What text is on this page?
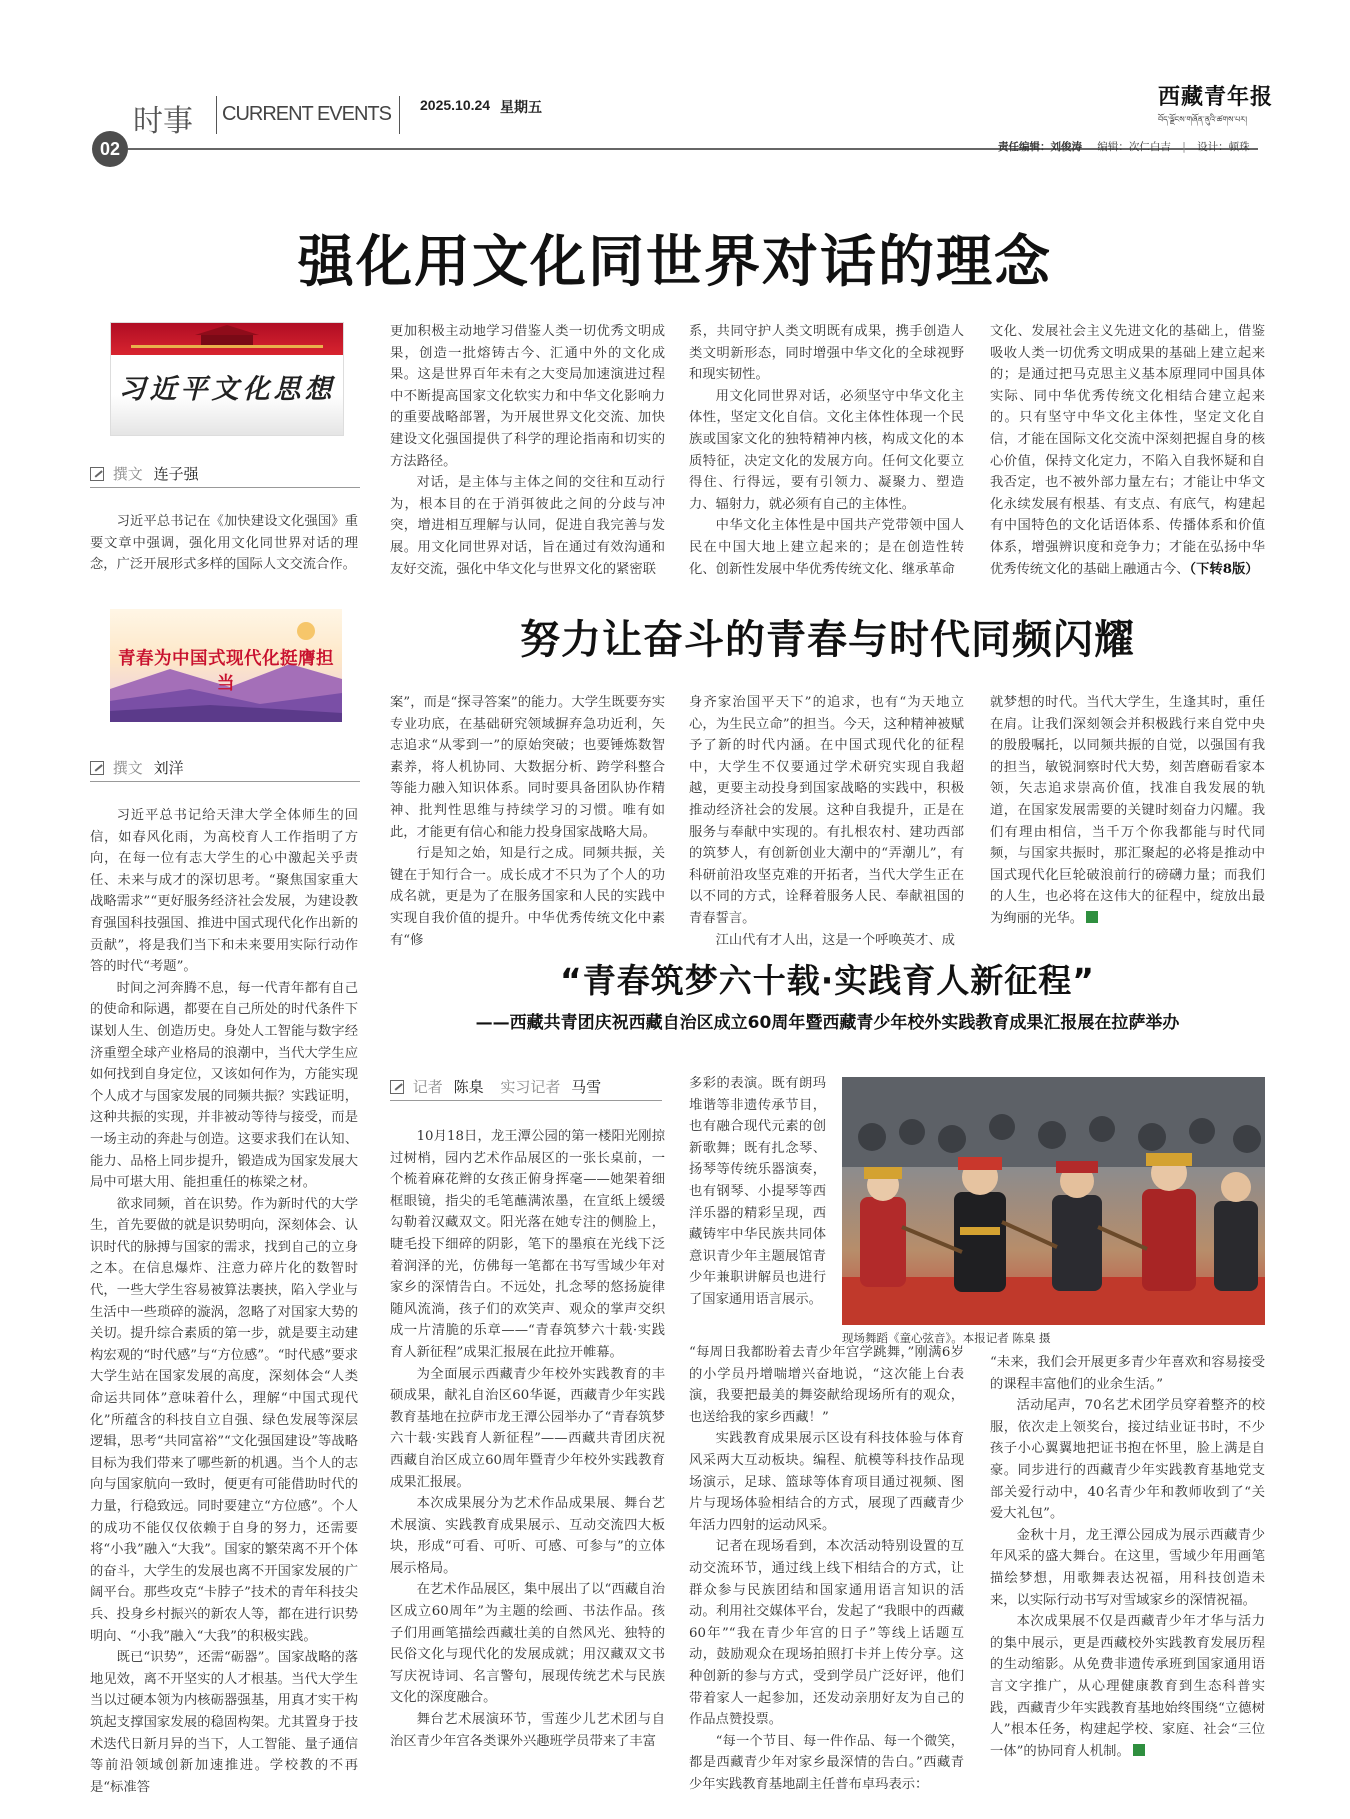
时事 CURRENT EVENTS 2025.10.24 星期五
02
西藏青年报
བོད་ལྗོངས་གཞོན་ནུའི་ཚགས་པར།
责任编辑：刘俊涛 编辑：次仁白吉 | 设计：顿珠
强化用文化同世界对话的理念
习近平文化思想
撰文 连子强

习近平总书记在《加快建设文化强国》重要文章中强调，强化用文化同世界对话的理念，广泛开展形式多样的国际人文交流合作。

更加积极主动地学习借鉴人类一切优秀文明成果，创造一批熔铸古今、汇通中外的文化成果。这是世界百年未有之大变局加速演进过程中不断提高国家文化软实力和中华文化影响力的重要战略部署，为开展世界文化交流、加快建设文化强国提供了科学的理论指南和切实的方法路径。

对话，是主体与主体之间的交往和互动行为，根本目的在于消弭彼此之间的分歧与冲突，增进相互理解与认同，促进自我完善与发展。用文化同世界对话，旨在通过有效沟通和友好交流，强化中华文化与世界文化的紧密联

系，共同守护人类文明既有成果，携手创造人类文明新形态，同时增强中华文化的全球视野和现实韧性。

用文化同世界对话，必须坚守中华文化主体性，坚定文化自信。文化主体性体现一个民族或国家文化的独特精神内核，构成文化的本质特征，决定文化的发展方向。任何文化要立得住、行得远，要有引领力、凝聚力、塑造力、辐射力，就必须有自己的主体性。

中华文化主体性是中国共产党带领中国人民在中国大地上建立起来的；是在创造性转化、创新性发展中华优秀传统文化、继承革命

文化、发展社会主义先进文化的基础上，借鉴吸收人类一切优秀文明成果的基础上建立起来的；是通过把马克思主义基本原理同中国具体实际、同中华优秀传统文化相结合建立起来的。只有坚守中华文化主体性，坚定文化自信，才能在国际文化交流中深刻把握自身的核心价值，保持文化定力，不陷入自我怀疑和自我否定，也不被外部力量左右；才能让中华文化永续发展有根基、有支点、有底气，构建起有中国特色的文化话语体系、传播体系和价值体系，增强辨识度和竞争力；才能在弘扬中华优秀传统文化的基础上融通古今、（下转8版）

努力让奋斗的青春与时代同频闪耀
青春为中国式现代化挺膺担当
撰文 刘洋

习近平总书记给天津大学全体师生的回信，如春风化雨，为高校育人工作指明了方向，在每一位有志大学生的心中激起关乎责任、未来与成才的深切思考。“聚焦国家重大战略需求”“更好服务经济社会发展，为建设教育强国科技强国、推进中国式现代化作出新的贡献”，将是我们当下和未来要用实际行动作答的时代“考题”。

时间之河奔腾不息，每一代青年都有自己的使命和际遇，都要在自己所处的时代条件下谋划人生、创造历史。身处人工智能与数字经济重塑全球产业格局的浪潮中，当代大学生应如何找到自身定位，又该如何作为，方能实现个人成才与国家发展的同频共振？实践证明，这种共振的实现，并非被动等待与接受，而是一场主动的奔赴与创造。这要求我们在认知、能力、品格上同步提升，锻造成为国家发展大局中可堪大用、能担重任的栋梁之材。

欲求同频，首在识势。作为新时代的大学生，首先要做的就是识势明向，深刻体会、认识时代的脉搏与国家的需求，找到自己的立身之本。在信息爆炸、注意力碎片化的数智时代，一些大学生容易被算法裹挟，陷入学业与生活中一些琐碎的漩涡，忽略了对国家大势的关切。提升综合素质的第一步，就是要主动建构宏观的“时代感”与“方位感”。“时代感”要求大学生站在国家发展的高度，深刻体会“人类命运共同体”意味着什么，理解“中国式现代化”所蕴含的科技自立自强、绿色发展等深层逻辑，思考“共同富裕”“文化强国建设”等战略目标为我们带来了哪些新的机遇。当个人的志向与国家航向一致时，便更有可能借助时代的力量，行稳致远。同时要建立“方位感”。个人的成功不能仅仅依赖于自身的努力，还需要将“小我”融入“大我”。国家的繁荣离不开个体的奋斗，大学生的发展也离不开国家发展的广阔平台。那些攻克“卡脖子”技术的青年科技尖兵、投身乡村振兴的新农人等，都在进行识势明向、“小我”融入“大我”的积极实践。

既已“识势”，还需“砺器”。国家战略的落地见效，离不开坚实的人才根基。当代大学生当以过硬本领为内核砺器强基，用真才实干构筑起支撑国家发展的稳固构架。尤其置身于技术迭代日新月异的当下，人工智能、量子通信等前沿领域创新加速推进。学校教的不再是“标准答

案”，而是“探寻答案”的能力。大学生既要夯实专业功底，在基础研究领域摒弃急功近利，矢志追求“从零到一”的原始突破；也要锤炼数智素养，将人机协同、大数据分析、跨学科整合等能力融入知识体系。同时要具备团队协作精神、批判性思维与持续学习的习惯。唯有如此，才能更有信心和能力投身国家战略大局。

行是知之始，知是行之成。同频共振，关键在于知行合一。成长成才不只为了个人的功成名就，更是为了在服务国家和人民的实践中实现自我价值的提升。中华优秀传统文化中素有“修

身齐家治国平天下”的追求，也有“为天地立心，为生民立命”的担当。今天，这种精神被赋予了新的时代内涵。在中国式现代化的征程中，大学生不仅要通过学术研究实现自我超越，更要主动投身到国家战略的实践中，积极推动经济社会的发展。这种自我提升，正是在服务与奉献中实现的。有扎根农村、建功西部的筑梦人，有创新创业大潮中的“弄潮儿”，有科研前沿攻坚克难的开拓者，当代大学生正在以不同的方式，诠释着服务人民、奉献祖国的青春誓言。

江山代有才人出，这是一个呼唤英才、成

就梦想的时代。当代大学生，生逢其时，重任在肩。让我们深刻领会并积极践行来自党中央的殷殷嘱托，以同频共振的自觉，以强国有我的担当，敏锐洞察时代大势，刻苦磨砺看家本领，矢志追求崇高价值，找准自我发展的轨道，在国家发展需要的关键时刻奋力闪耀。我们有理由相信，当千万个你我都能与时代同频，与国家共振时，那汇聚起的必将是推动中国式现代化巨轮破浪前行的磅礴力量；而我们的人生，也必将在这伟大的征程中，绽放出最为绚丽的光华。

“青春筑梦六十载·实践育人新征程”
——西藏共青团庆祝西藏自治区成立60周年暨西藏青少年校外实践教育成果汇报展在拉萨举办
记者 陈臬 实习记者 马雪

10月18日，龙王潭公园的第一楼阳光刚掠过树梢，园内艺术作品展区的一张长桌前，一个梳着麻花辫的女孩正俯身挥毫——她架着细框眼镜，指尖的毛笔蘸满浓墨，在宣纸上缓缓勾勒着汉藏双文。阳光落在她专注的侧脸上，睫毛投下细碎的阴影，笔下的墨痕在光线下泛着润泽的光，仿佛每一笔都在书写雪域少年对家乡的深情告白。不远处，扎念琴的悠扬旋律随风流淌，孩子们的欢笑声、观众的掌声交织成一片清脆的乐章——“青春筑梦六十载·实践育人新征程”成果汇报展在此拉开帷幕。

为全面展示西藏青少年校外实践教育的丰硕成果，献礼自治区60华诞，西藏青少年实践教育基地在拉萨市龙王潭公园举办了“青春筑梦六十载·实践育人新征程”——西藏共青团庆祝西藏自治区成立60周年暨青少年校外实践教育成果汇报展。

本次成果展分为艺术作品成果展、舞台艺术展演、实践教育成果展示、互动交流四大板块，形成“可看、可听、可感、可参与”的立体展示格局。

在艺术作品展区，集中展出了以“西藏自治区成立60周年”为主题的绘画、书法作品。孩子们用画笔描绘西藏壮美的自然风光、独特的民俗文化与现代化的发展成就；用汉藏双文书写庆祝诗词、名言警句，展现传统艺术与民族文化的深度融合。

舞台艺术展演环节，雪莲少儿艺术团与自治区青少年宫各类课外兴趣班学员带来了丰富

多彩的表演。既有朗玛堆谐等非遗传承节目，也有融合现代元素的创新歌舞；既有扎念琴、扬琴等传统乐器演奏，也有钢琴、小提琴等西洋乐器的精彩呈现，西藏铸牢中华民族共同体意识青少年主题展馆青少年兼职讲解员也进行了国家通用语言展示。

现场舞蹈《童心弦音》。本报记者 陈臬 摄

“每周日我都盼着去青少年宫学跳舞，”刚满6岁的小学员丹增喘增兴奋地说，“这次能上台表演，我要把最美的舞姿献给现场所有的观众，也送给我的家乡西藏！”

实践教育成果展示区设有科技体验与体育风采两大互动板块。编程、航模等科技作品现场演示，足球、篮球等体育项目通过视频、图片与现场体验相结合的方式，展现了西藏青少年活力四射的运动风采。

记者在现场看到，本次活动特别设置的互动交流环节，通过线上线下相结合的方式，让群众参与民族团结和国家通用语言知识的活动。利用社交媒体平台，发起了“我眼中的西藏60年”“我在青少年宫的日子”等线上话题互动，鼓励观众在现场拍照打卡并上传分享。这种创新的参与方式，受到学员广泛好评，他们带着家人一起参加，还发动亲朋好友为自己的作品点赞投票。

“每一个节目、每一件作品、每一个微笑，都是西藏青少年对家乡最深情的告白。”西藏青少年实践教育基地副主任普布卓玛表示：

“未来，我们会开展更多青少年喜欢和容易接受的课程丰富他们的业余生活。”

活动尾声，70名艺术团学员穿着整齐的校服，依次走上领奖台，接过结业证书时，不少孩子小心翼翼地把证书抱在怀里，脸上满是自豪。同步进行的西藏青少年实践教育基地党支部关爱行动中，40名青少年和教师收到了“关爱大礼包”。

金秋十月，龙王潭公园成为展示西藏青少年风采的盛大舞台。在这里，雪域少年用画笔描绘梦想，用歌舞表达祝福，用科技创造未来，以实际行动书写对雪域家乡的深情祝福。

本次成果展不仅是西藏青少年才华与活力的集中展示，更是西藏校外实践教育发展历程的生动缩影。从免费非遗传承班到国家通用语言文字推广，从心理健康教育到生态科普实践，西藏青少年实践教育基地始终围绕“立德树人”根本任务，构建起学校、家庭、社会“三位一体”的协同育人机制。
